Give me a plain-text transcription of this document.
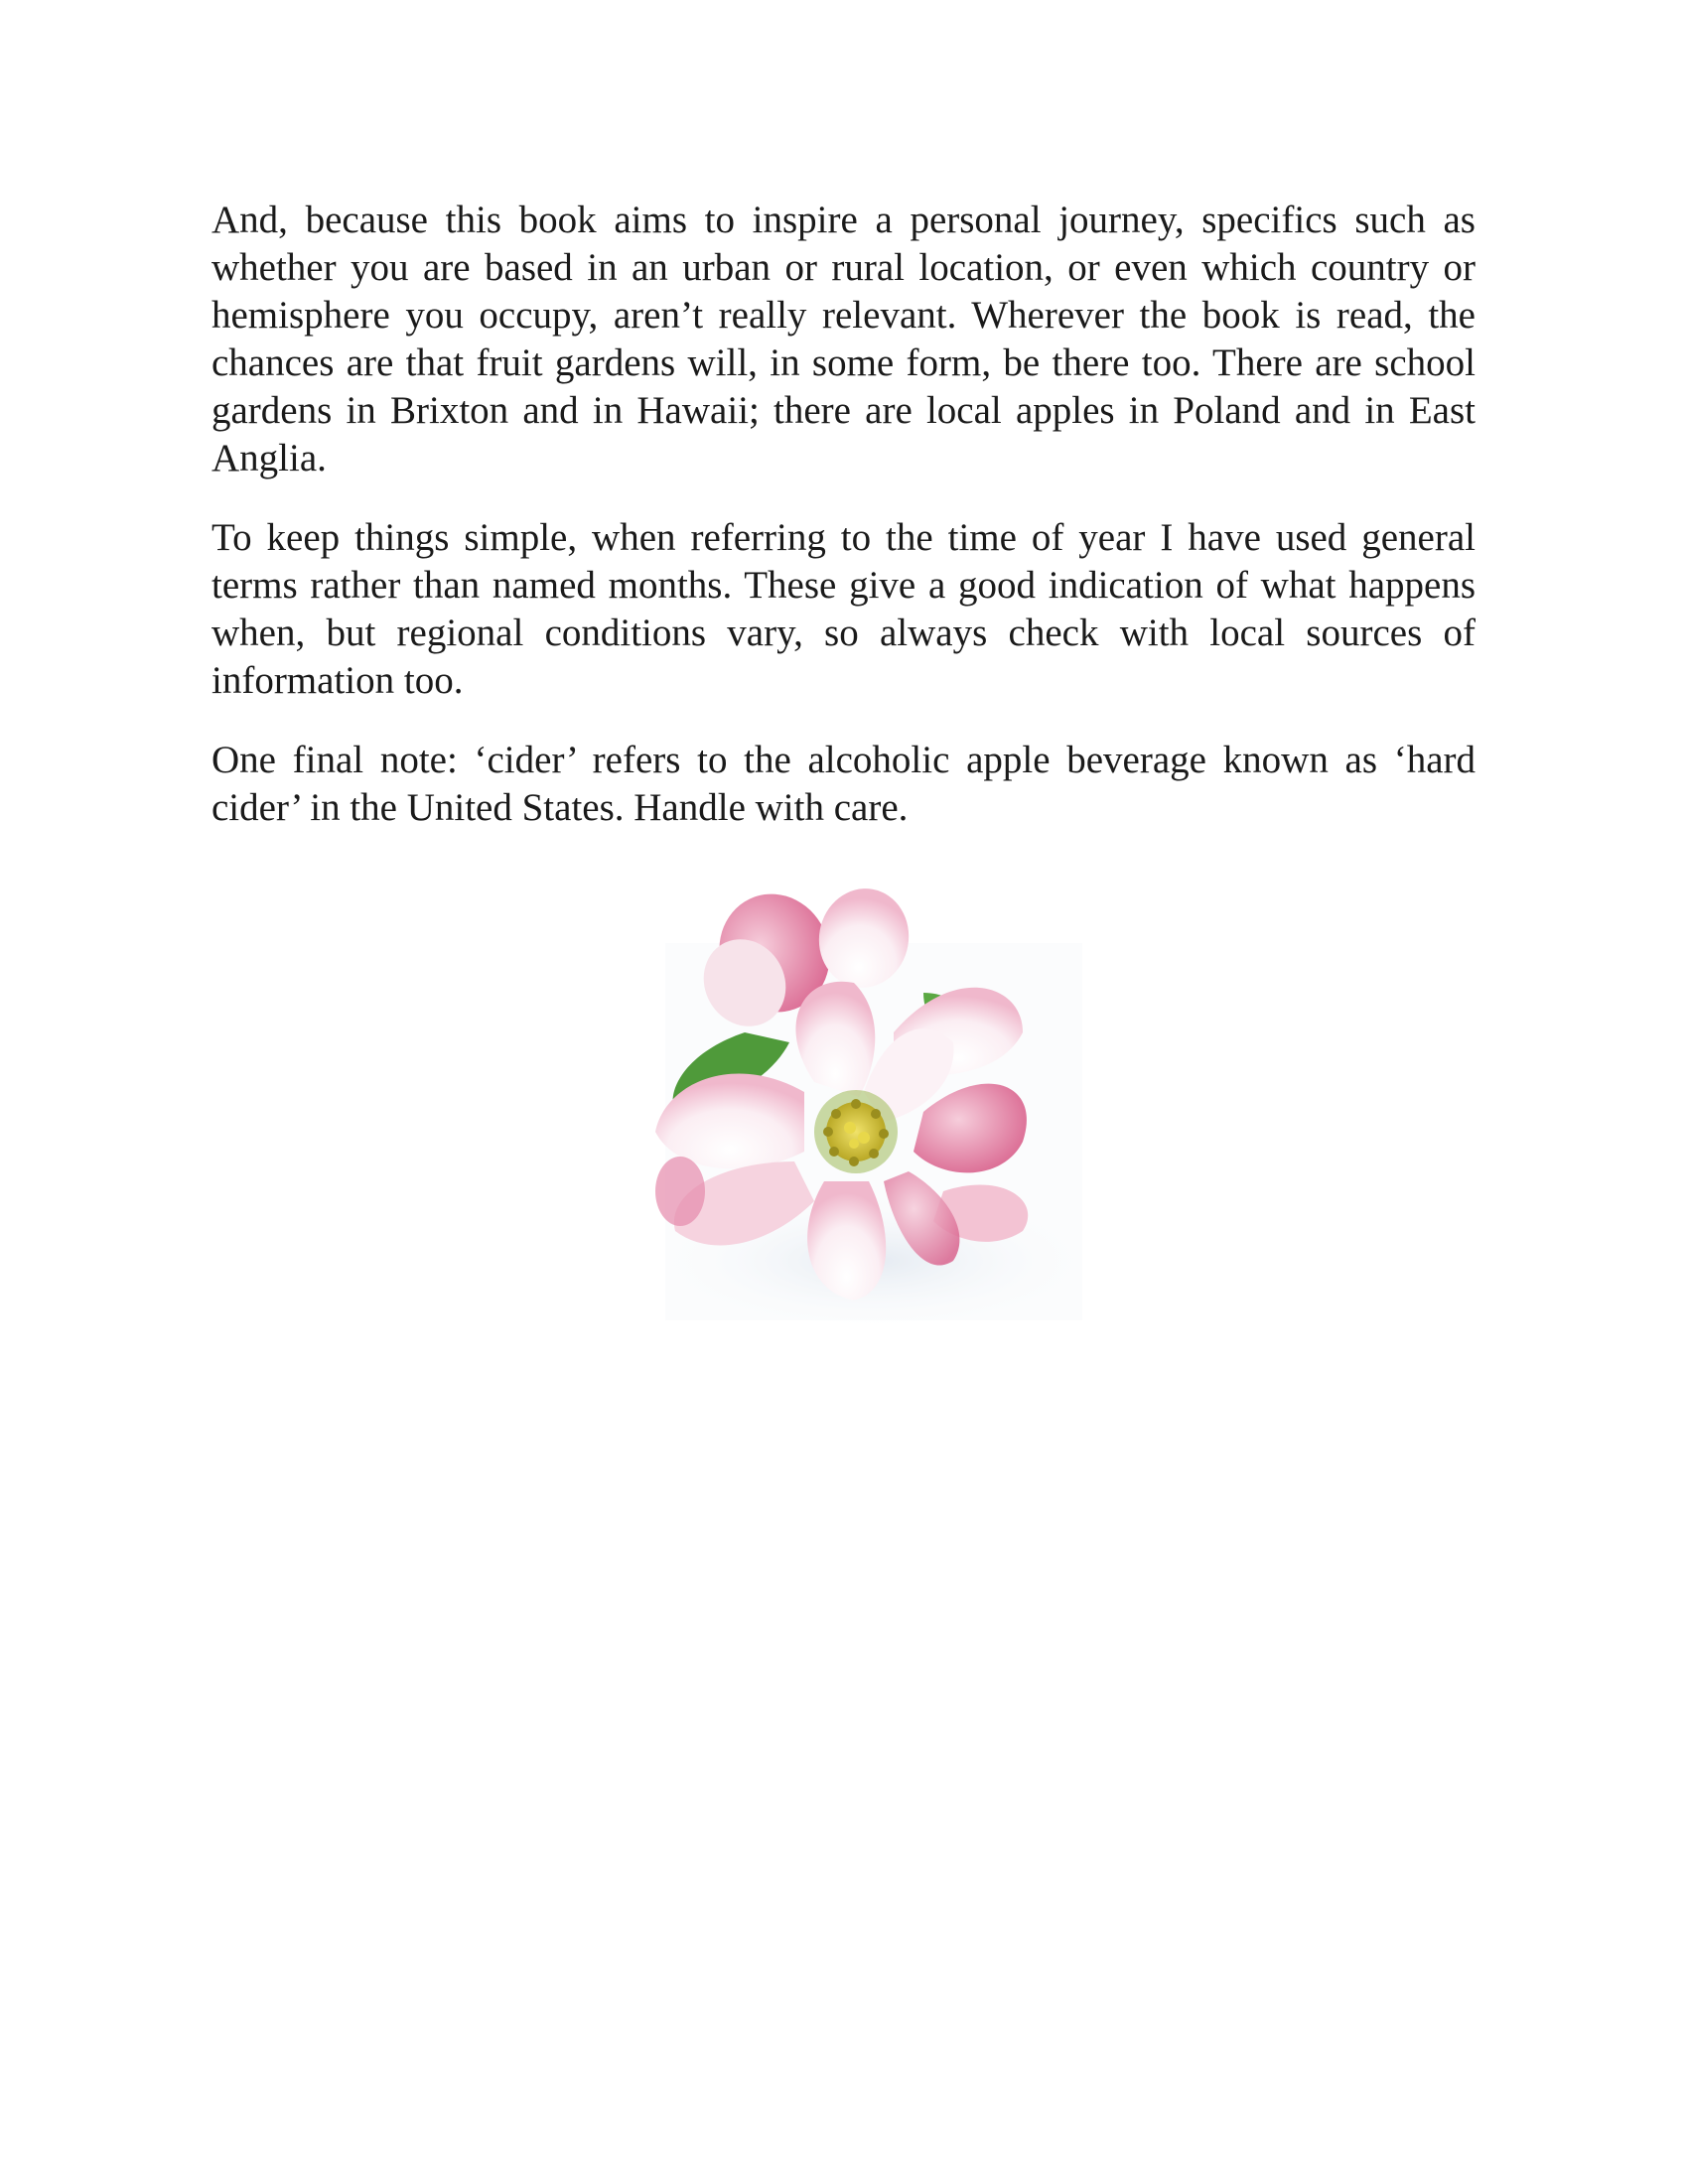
And, because this book aims to inspire a personal journey, specifics such as whether you are based in an urban or rural location, or even which country or hemisphere you occupy, aren’t really relevant. Wherever the book is read, the chances are that fruit gardens will, in some form, be there too. There are school gardens in Brixton and in Hawaii; there are local apples in Poland and in East Anglia.

To keep things simple, when referring to the time of year I have used general terms rather than named months. These give a good indication of what happens when, but regional conditions vary, so always check with local sources of information too.

One final note: ‘cider’ refers to the alcoholic apple beverage known as ‘hard cider’ in the United States. Handle with care.
